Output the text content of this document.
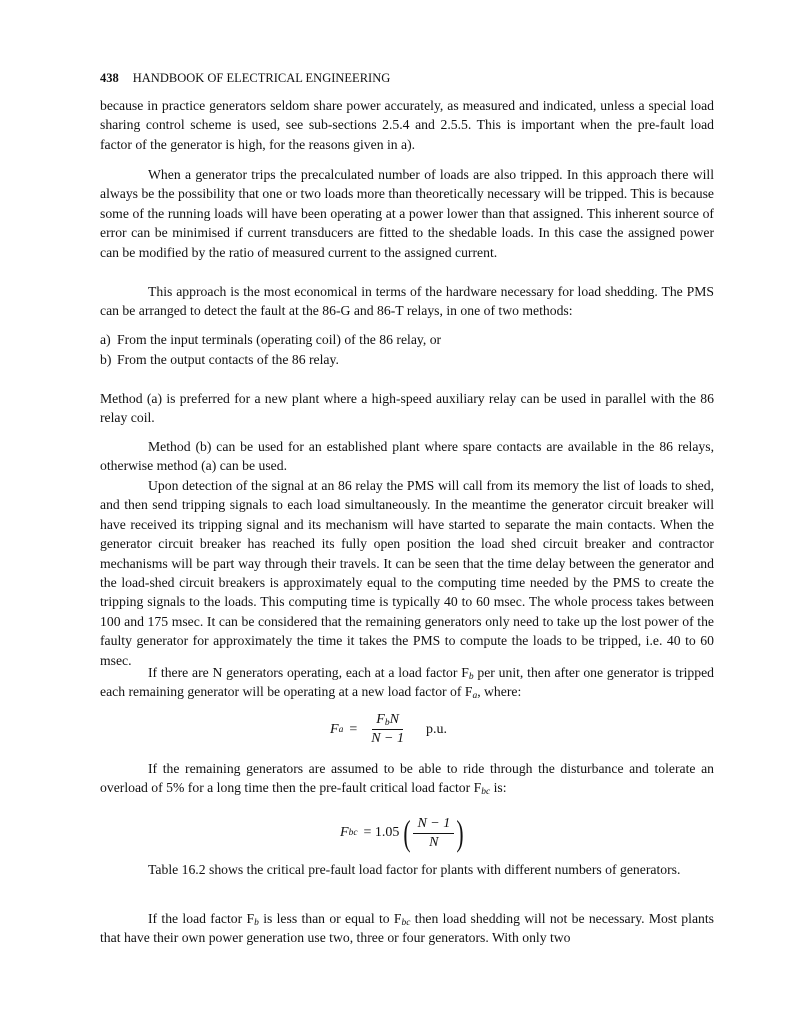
438 HANDBOOK OF ELECTRICAL ENGINEERING

because in practice generators seldom share power accurately, as measured and indicated, unless a special load sharing control scheme is used, see sub-sections 2.5.4 and 2.5.5. This is important when the pre-fault load factor of the generator is high, for the reasons given in a).

When a generator trips the precalculated number of loads are also tripped. In this approach there will always be the possibility that one or two loads more than theoretically necessary will be tripped. This is because some of the running loads will have been operating at a power lower than that assigned. This inherent source of error can be minimised if current transducers are fitted to the shedable loads. In this case the assigned power can be modified by the ratio of measured current to the assigned current.

This approach is the most economical in terms of the hardware necessary for load shedding. The PMS can be arranged to detect the fault at the 86-G and 86-T relays, in one of two methods:

a) From the input terminals (operating coil) of the 86 relay, or
b) From the output contacts of the 86 relay.

Method (a) is preferred for a new plant where a high-speed auxiliary relay can be used in parallel with the 86 relay coil.

Method (b) can be used for an established plant where spare contacts are available in the 86 relays, otherwise method (a) can be used.

Upon detection of the signal at an 86 relay the PMS will call from its memory the list of loads to shed, and then send tripping signals to each load simultaneously. In the meantime the generator circuit breaker will have received its tripping signal and its mechanism will have started to separate the main contacts. When the generator circuit breaker has reached its fully open position the load shed circuit breaker and contractor mechanisms will be part way through their travels. It can be seen that the time delay between the generator and the load-shed circuit breakers is approximately equal to the computing time needed by the PMS to create the tripping signals to the loads. This computing time is typically 40 to 60 msec. The whole process takes between 100 and 175 msec. It can be considered that the remaining generators only need to take up the lost power of the faulty generator for approximately the time it takes the PMS to compute the loads to be tripped, i.e. 40 to 60 msec.

If there are N generators operating, each at a load factor $F_b$ per unit, then after one generator is tripped each remaining generator will be operating at a new load factor of $F_a$, where:

F $a = \frac{F_bN}{N - 1} p.u$.

If the remaining generators are assumed to be able to ride through the disturbance and tolerate an overload of 5% for a long time then the pre-fault critical load factor $F_{bc}$ is:

F bc = 1.05 ( $\frac{N - 1}{N}$ )

Table 16.2 shows the critical pre-fault load factor for plants with different numbers of generators.

If the load factor $F_b$ is less than or equal to $F_{bc}$ then load shedding will not be necessary. Most plants that have their own power generation use two, three or four generators. With only two
